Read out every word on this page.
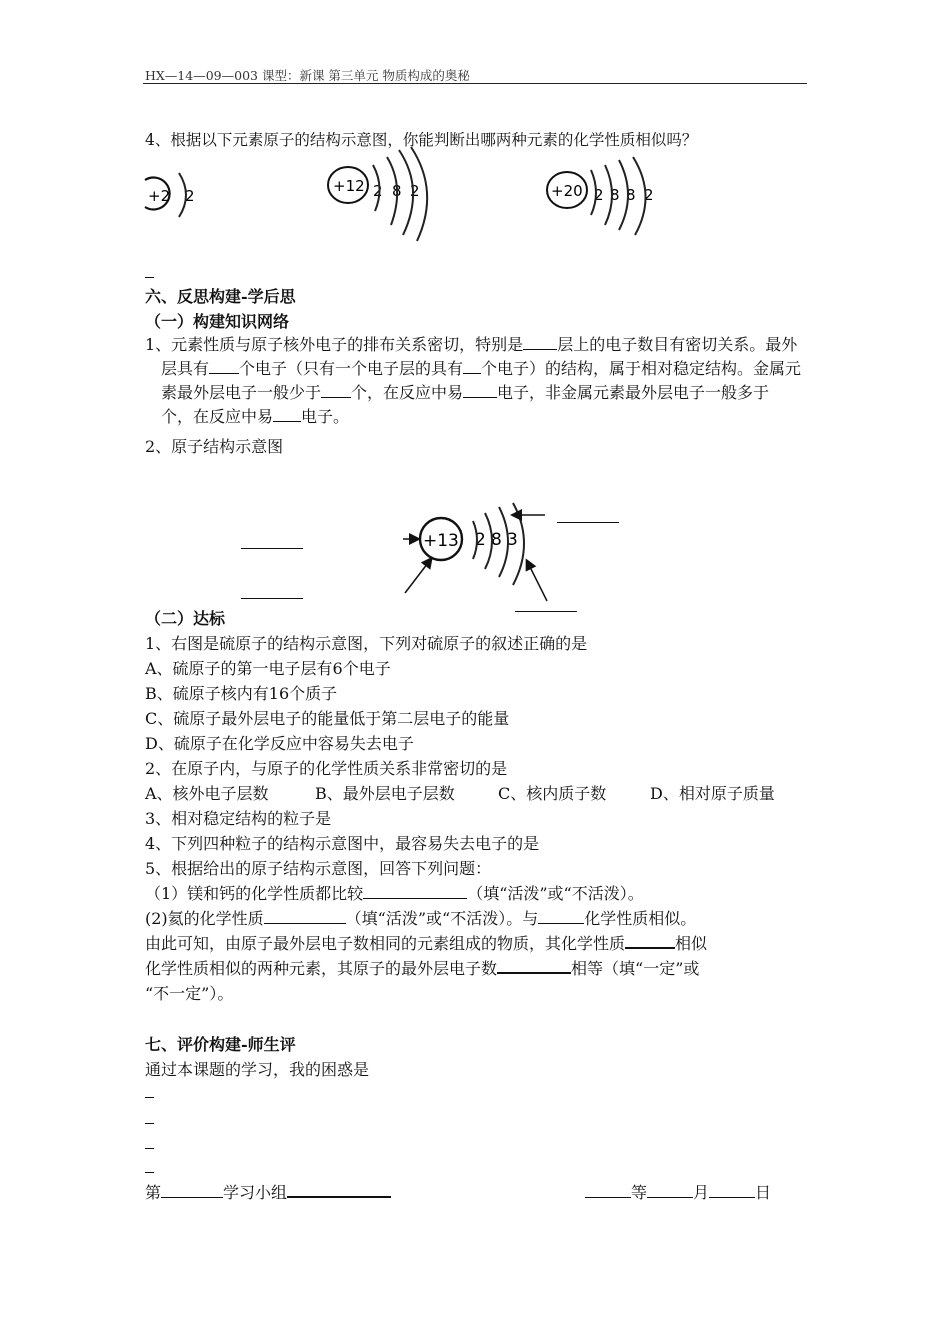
HX—14—09—003 课型：新课 第三单元 物质构成的奥秘
4、根据以下元素原子的结构示意图，你能判断出哪两种元素的化学性质相似吗？
+2 2
+12 2 8 2	+20 2 8 8 2
六、反思构建-学后思
（一）构建知识网络
1、元素性质与原子核外电子的排布关系密切，特别是 层上的电子数目有密切关系。最外
层具有 个电子（只有一个电子层的具有 个电子）的结构，属于相对稳定结构。金属元
素最外层电子一般少于 个，在反应中易 电子，非金属元素最外层电子一般多于
个，在反应中易 电子。
2、原子结构示意图
+13 2 8 3
（二）达标
1、右图是硫原子的结构示意图，下列对硫原子的叙述正确的是
A、硫原子的第一电子层有6个电子
B、硫原子核内有16个质子
C、硫原子最外层电子的能量低于第二层电子的能量
D、硫原子在化学反应中容易失去电子
2、在原子内，与原子的化学性质关系非常密切的是
A、核外电子层数	B、最外层电子层数	C、核内质子数	D、相对原子质量
3、相对稳定结构的粒子是
4、下列四种粒子的结构示意图中，最容易失去电子的是
5、根据给出的原子结构示意图，回答下列问题：
（1）镁和钙的化学性质都比较	（填“活泼”或“不活泼）。
(2)氦的化学性质	（填“活泼”或“不活泼）。与	化学性质相似。
由此可知，由原子最外层电子数相同的元素组成的物质，其化学性质	相似
化学性质相似的两种元素，其原子的最外层电子数	相等（填“一定”或
“不一定”）。
七、评价构建-师生评
通过本课题的学习，我的困惑是
第	学习小组	等	月	日
